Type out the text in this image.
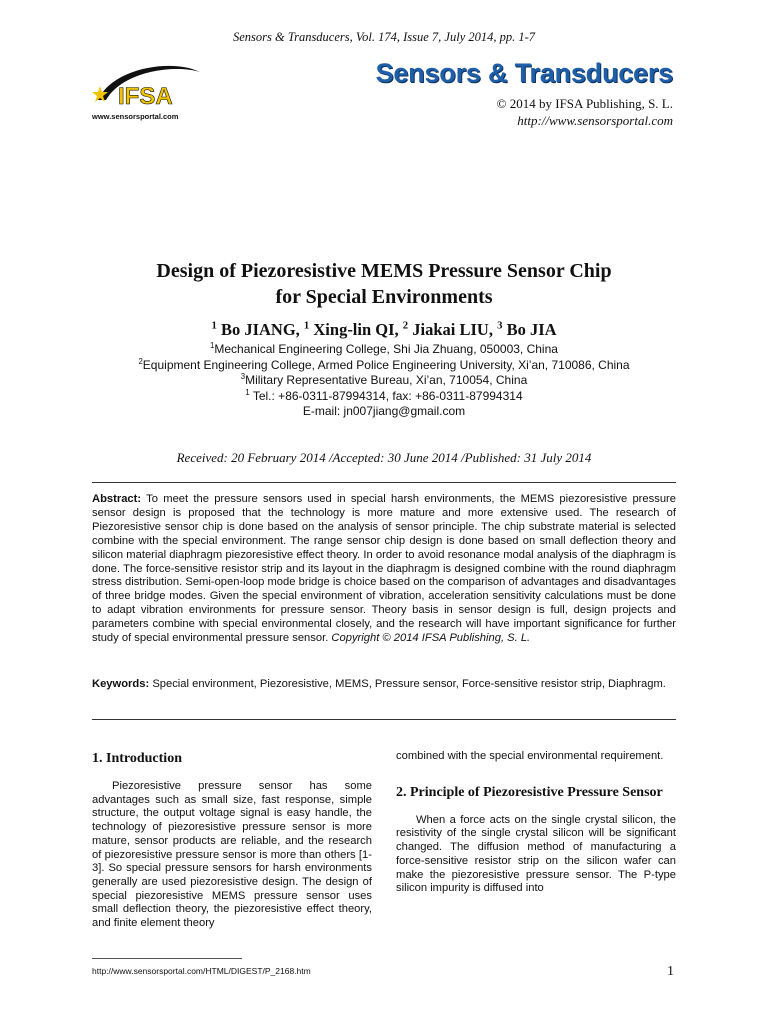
Sensors & Transducers, Vol. 174, Issue 7, July 2014, pp. 1-7
IFSA
www.sensorsportal.com
Sensors & Transducers
© 2014 by IFSA Publishing, S. L.
http://www.sensorsportal.com
Design of Piezoresistive MEMS Pressure Sensor Chip
for Special Environments
$^1$ Bo JIANG, $^1$ Xing-lin QI, $^2$ Jiakai LIU, $^3$ Bo JIA
$^1$Mechanical Engineering College, Shi Jia Zhuang, 050003, China
$^2$Equipment Engineering College, Armed Police Engineering University, Xi’an, 710086, China
$^3$Military Representative Bureau, Xi’an, 710054, China
$^1$ Tel.: +86-0311-87994314, fax: +86-0311-87994314
E-mail: jn007jiang@gmail.com
Received: 20 February 2014 /Accepted: 30 June 2014 /Published: 31 July 2014
Abstract: To meet the pressure sensors used in special harsh environments, the MEMS piezoresistive pressure sensor design is proposed that the technology is more mature and more extensive used. The research of Piezoresistive sensor chip is done based on the analysis of sensor principle. The chip substrate material is selected combine with the special environment. The range sensor chip design is done based on small deflection theory and silicon material diaphragm piezoresistive effect theory. In order to avoid resonance modal analysis of the diaphragm is done. The force-sensitive resistor strip and its layout in the diaphragm is designed combine with the round diaphragm stress distribution. Semi-open-loop mode bridge is choice based on the comparison of advantages and disadvantages of three bridge modes. Given the special environment of vibration, acceleration sensitivity calculations must be done to adapt vibration environments for pressure sensor. Theory basis in sensor design is full, design projects and parameters combine with special environmental closely, and the research will have important significance for further study of special environmental pressure sensor. Copyright © 2014 IFSA Publishing, S. L.
Keywords: Special environment, Piezoresistive, MEMS, Pressure sensor, Force-sensitive resistor strip, Diaphragm.
1. Introduction

Piezoresistive pressure sensor has some advantages such as small size, fast response, simple structure, the output voltage signal is easy handle, the technology of piezoresistive pressure sensor is more mature, sensor products are reliable, and the research of piezoresistive pressure sensor is more than others [1-3]. So special pressure sensors for harsh environments generally are used piezoresistive design. The design of special piezoresistive MEMS pressure sensor uses small deflection theory, the piezoresistive effect theory, and finite element theory

combined with the special environmental requirement.

2. Principle of Piezoresistive Pressure Sensor

When a force acts on the single crystal silicon, the resistivity of the single crystal silicon will be significant changed. The diffusion method of manufacturing a force-sensitive resistor strip on the silicon wafer can make the piezoresistive pressure sensor. The P-type silicon impurity is diffused into

http://www.sensorsportal.com/HTML/DIGEST/P_2168.htm	1
